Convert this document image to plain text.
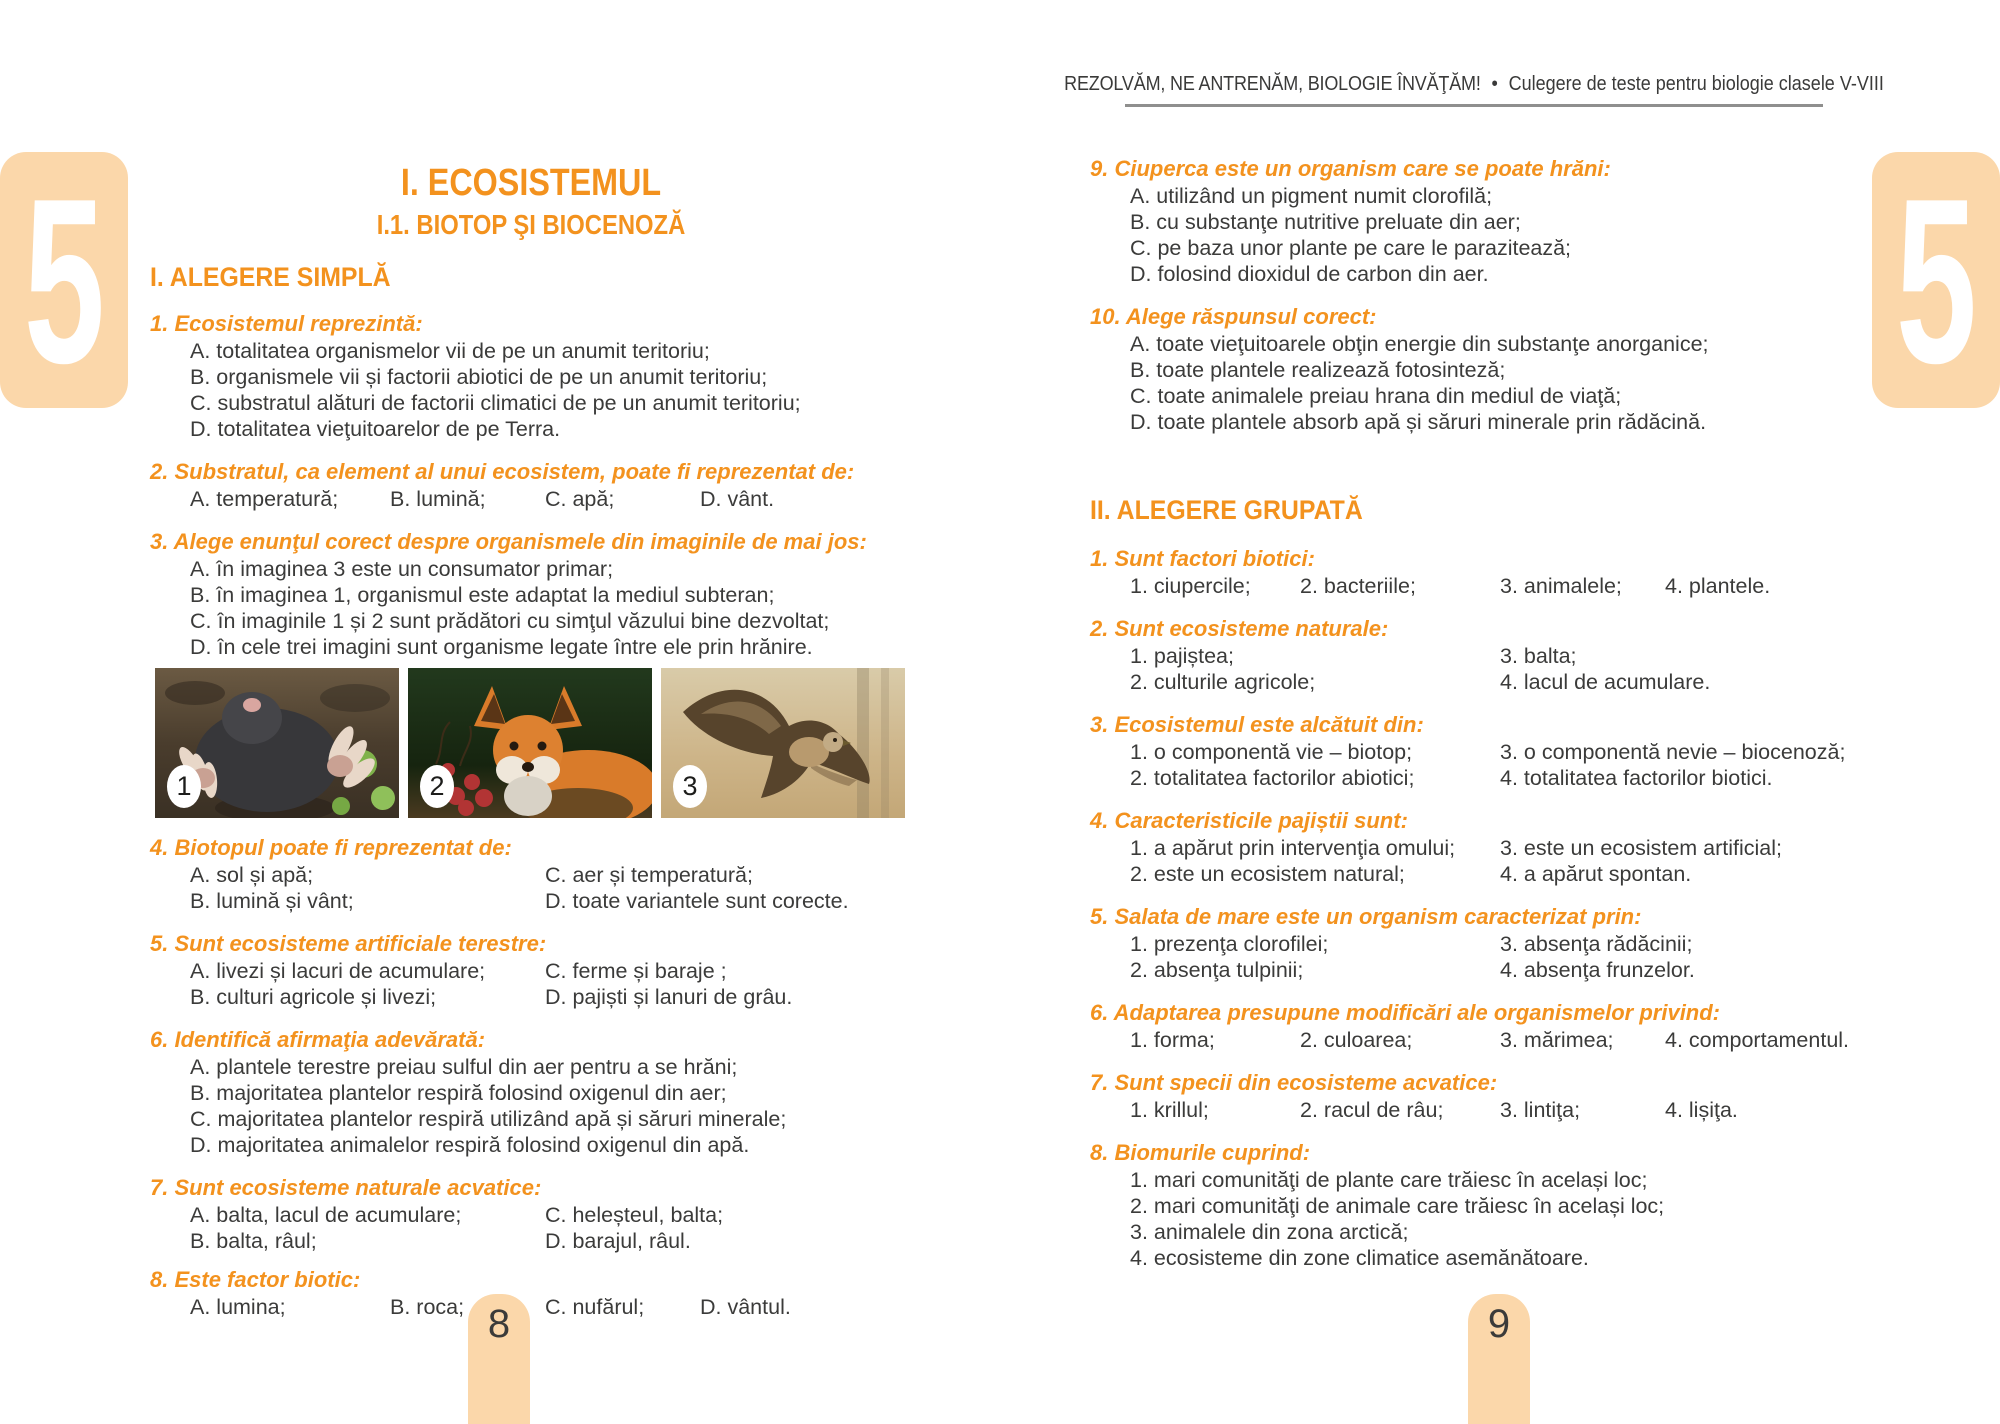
5	5
8	9
I. ECOSISTEMUL
I.1. BIOTOP ŞI BIOCENOZĂ
I. ALEGERE SIMPLĂ
1. Ecosistemul reprezintă:
A. totalitatea organismelor vii de pe un anumit teritoriu;
B. organismele vii și factorii abiotici de pe un anumit teritoriu;
C. substratul alături de factorii climatici de pe un anumit teritoriu;
D. totalitatea vieţuitoarelor de pe Terra.
2. Substratul, ca element al unui ecosistem, poate fi reprezentat de:
A. temperatură;	B. lumină;	C. apă;	D. vânt.
3. Alege enunţul corect despre organismele din imaginile de mai jos:
A. în imaginea 3 este un consumator primar;
B. în imaginea 1, organismul este adaptat la mediul subteran;
C. în imaginile 1 și 2 sunt prădători cu simţul văzului bine dezvoltat;
D. în cele trei imagini sunt organisme legate între ele prin hrănire.
1	2	3
4. Biotopul poate fi reprezentat de:
A. sol și apă;	C. aer și temperatură;
B. lumină și vânt;	D. toate variantele sunt corecte.
5. Sunt ecosisteme artificiale terestre:
A. livezi și lacuri de acumulare;	C. ferme și baraje ;
B. culturi agricole și livezi;	D. pajiști și lanuri de grâu.
6. Identifică afirmaţia adevărată:
A. plantele terestre preiau sulful din aer pentru a se hrăni;
B. majoritatea plantelor respiră folosind oxigenul din aer;
C. majoritatea plantelor respiră utilizând apă și săruri minerale;
D. majoritatea animalelor respiră folosind oxigenul din apă.
7. Sunt ecosisteme naturale acvatice:
A. balta, lacul de acumulare;	C. heleșteul, balta;
B. balta, râul;	D. barajul, râul.
8. Este factor biotic:
A. lumina;	B. roca;	C. nufărul;	D. vântul.
REZOLVĂM, NE ANTRENĂM, BIOLOGIE ÎNVĂŢĂM! • Culegere de teste pentru biologie clasele V-VIII
9. Ciuperca este un organism care se poate hrăni:
A. utilizând un pigment numit clorofilă;
B. cu substanţe nutritive preluate din aer;
C. pe baza unor plante pe care le parazitează;
D. folosind dioxidul de carbon din aer.
10. Alege răspunsul corect:
A. toate vieţuitoarele obţin energie din substanţe anorganice;
B. toate plantele realizează fotosinteză;
C. toate animalele preiau hrana din mediul de viaţă;
D. toate plantele absorb apă și săruri minerale prin rădăcină.
II. ALEGERE GRUPATĂ
1. Sunt factori biotici:
1. ciupercile;	2. bacteriile;	3. animalele;	4. plantele.
2. Sunt ecosisteme naturale:
1. pajiștea;	3. balta;
2. culturile agricole;	4. lacul de acumulare.
3. Ecosistemul este alcătuit din:
1. o componentă vie – biotop;	3. o componentă nevie – biocenoză;
2. totalitatea factorilor abiotici;	4. totalitatea factorilor biotici.
4. Caracteristicile pajiștii sunt:
1. a apărut prin intervenţia omului;	3. este un ecosistem artificial;
2. este un ecosistem natural;	4. a apărut spontan.
5. Salata de mare este un organism caracterizat prin:
1. prezenţa clorofilei;	3. absenţa rădăcinii;
2. absenţa tulpinii;	4. absenţa frunzelor.
6. Adaptarea presupune modificări ale organismelor privind:
1. forma;	2. culoarea;	3. mărimea;	4. comportamentul.
7. Sunt specii din ecosisteme acvatice:
1. krillul;	2. racul de râu;	3. lintiţa;	4. lișiţa.
8. Biomurile cuprind:
1. mari comunităţi de plante care trăiesc în același loc;
2. mari comunităţi de animale care trăiesc în același loc;
3. animalele din zona arctică;
4. ecosisteme din zone climatice asemănătoare.
